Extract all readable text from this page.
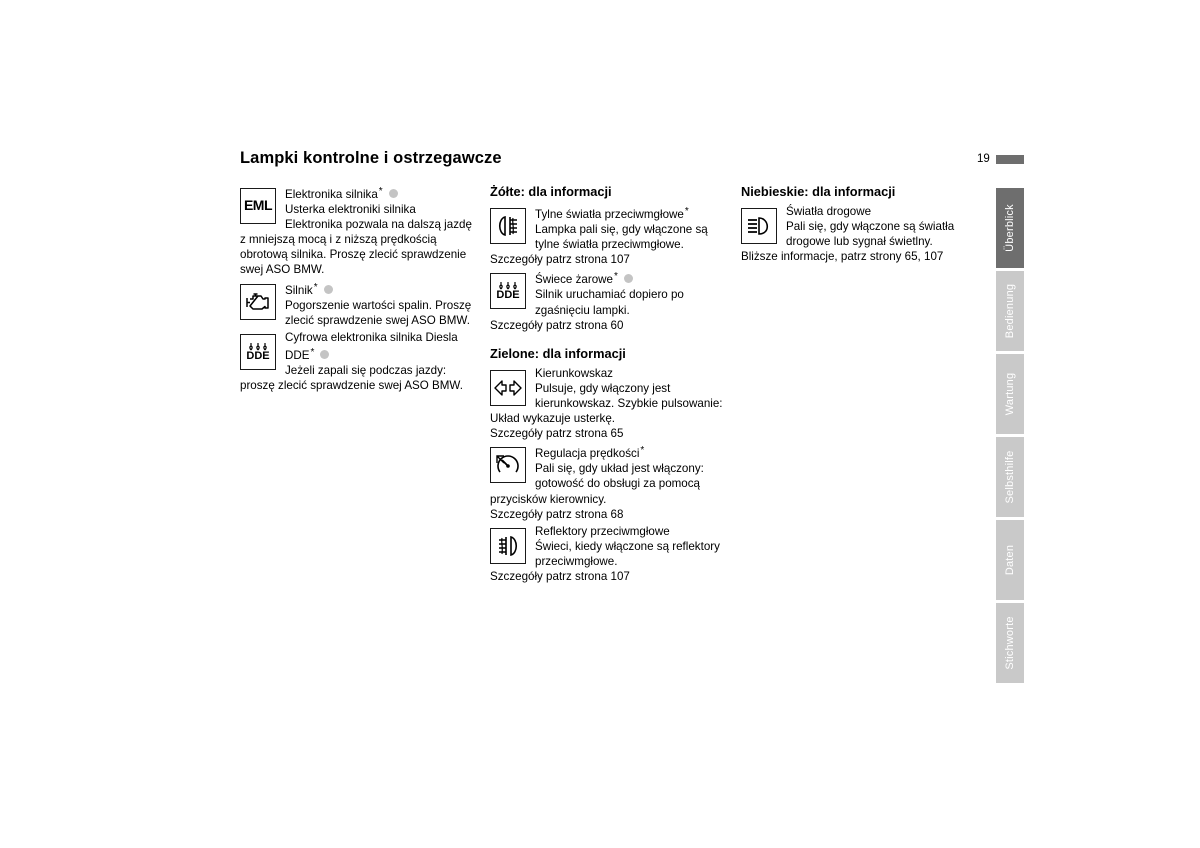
Lampki kontrolne i ostrzegawcze	19
EML
Elektronika silnika*
Usterka elektroniki silnika
Elektronika pozwala na dalszą jazdę
z mniejszą mocą i z niższą prędkością
obrotową silnika. Proszę zlecić sprawdzenie
swej ASO BMW.
Silnik*
Pogorszenie wartości spalin. Proszę
zlecić sprawdzenie swej ASO BMW.
DDE
Cyfrowa elektronika silnika Diesla
DDE*
Jeżeli zapali się podczas jazdy:
proszę zlecić sprawdzenie swej ASO BMW.
Żółte: dla informacji
Tylne światła przeciwmgłowe*
Lampka pali się, gdy włączone są
tylne światła przeciwmgłowe.
Szczegóły patrz strona 107
DDE
Świece żarowe*
Silnik uruchamiać dopiero po
zgaśnięciu lampki.
Szczegóły patrz strona 60
Zielone: dla informacji
Kierunkowskaz
Pulsuje, gdy włączony jest
kierunkowskaz. Szybkie pulsowanie:
Układ wykazuje usterkę.
Szczegóły patrz strona 65
Regulacja prędkości*
Pali się, gdy układ jest włączony:
gotowość do obsługi za pomocą
przycisków kierownicy.
Szczegóły patrz strona 68
Reflektory przeciwmgłowe
Świeci, kiedy włączone są reflektory
przeciwmgłowe.
Szczegóły patrz strona 107
Niebieskie: dla informacji
Światła drogowe
Pali się, gdy włączone są światła
drogowe lub sygnał świetlny.
Bliższe informacje, patrz strony 65, 107
Überblick
Bedienung
Wartung
Selbsthilfe
Daten
Stichworte
